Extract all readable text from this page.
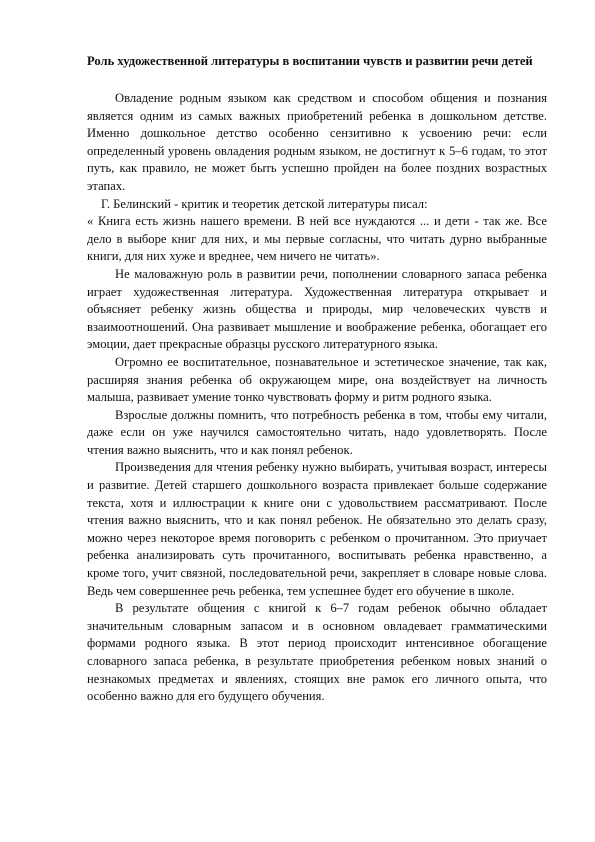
Роль художественной литературы в воспитании чувств и развитии речи детей

Овладение родным языком как средством и способом общения и познания является одним из самых важных приобретений ребенка в дошкольном детстве. Именно дошкольное детство особенно сензитивно к усвоению речи: если определенный уровень овладения родным языком, не достигнут к 5–6 годам, то этот путь, как правило, не может быть успешно пройден на более поздних возрастных этапах.

Г. Белинский - критик и теоретик детской литературы писал:

« Книга есть жизнь нашего времени. В ней все нуждаются ... и дети - так же. Все дело в выборе книг для них, и мы первые согласны, что читать дурно выбранные книги, для них хуже и вреднее, чем ничего не читать».

Не маловажную роль в развитии речи, пополнении словарного запаса ребенка играет художественная литература. Художественная литература открывает и объясняет ребенку жизнь общества и природы, мир человеческих чувств и взаимоотношений. Она развивает мышление и воображение ребенка, обогащает его эмоции, дает прекрасные образцы русского литературного языка.

Огромно ее воспитательное, познавательное и эстетическое значение, так как, расширяя знания ребенка об окружающем мире, она воздействует на личность малыша, развивает умение тонко чувствовать форму и ритм родного языка.

Взрослые должны помнить, что потребность ребенка в том, чтобы ему читали, даже если он уже научился самостоятельно читать, надо удовлетворять. После чтения важно выяснить, что и как понял ребенок.

Произведения для чтения ребенку нужно выбирать, учитывая возраст, интересы и развитие. Детей старшего дошкольного возраста привлекает больше содержание текста, хотя и иллюстрации к книге они с удовольствием рассматривают. После чтения важно выяснить, что и как понял ребенок. Не обязательно это делать сразу, можно через некоторое время поговорить с ребенком о прочитанном. Это приучает ребенка анализировать суть прочитанного, воспитывать ребенка нравственно, а кроме того, учит связной, последовательной речи, закрепляет в словаре новые слова. Ведь чем совершеннее речь ребенка, тем успешнее будет его обучение в школе.

В результате общения с книгой к 6–7 годам ребенок обычно обладает значительным словарным запасом и в основном овладевает грамматическими формами родного языка. В этот период происходит интенсивное обогащение словарного запаса ребенка, в результате приобретения ребенком новых знаний о незнакомых предметах и явлениях, стоящих вне рамок его личного опыта, что особенно важно для его будущего обучения.
